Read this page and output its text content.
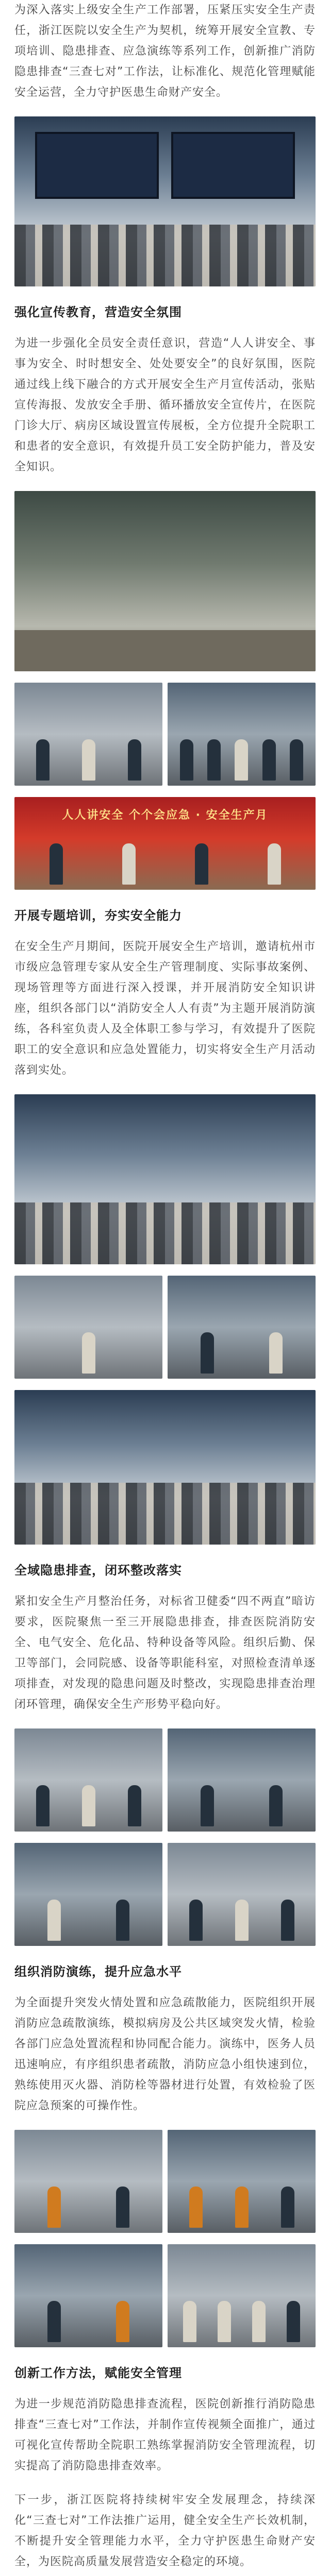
为深入落实上级安全生产工作部署，压紧压实安全生产责任，浙江医院以安全生产为契机，统筹开展安全宣教、专项培训、隐患排查、应急演练等系列工作，创新推广消防隐患排查“三查七对”工作法，让标准化、规范化管理赋能安全运营，全力守护医患生命财产安全。

强化宣传教育，营造安全氛围

为进一步强化全员安全责任意识，营造“人人讲安全、事事为安全、时时想安全、处处要安全”的良好氛围，医院通过线上线下融合的方式开展安全生产月宣传活动，张贴宣传海报、发放安全手册、循环播放安全宣传片，在医院门诊大厅、病房区域设置宣传展板，全方位提升全院职工和患者的安全意识，有效提升员工安全防护能力，普及安全知识。

人人讲安全 个个会应急 · 安全生产月
开展专题培训，夯实安全能力

在安全生产月期间，医院开展安全生产培训，邀请杭州市市级应急管理专家从安全生产管理制度、实际事故案例、现场管理等方面进行深入授课，并开展消防安全知识讲座，组织各部门以“消防安全人人有责”为主题开展消防演练，各科室负责人及全体职工参与学习，有效提升了医院职工的安全意识和应急处置能力，切实将安全生产月活动落到实处。

全域隐患排查，闭环整改落实

紧扣安全生产月整治任务，对标省卫健委“四不两直”暗访要求，医院聚焦一至三开展隐患排查，排查医院消防安全、电气安全、危化品、特种设备等风险。组织后勤、保卫等部门，会同院感、设备等职能科室，对照检查清单逐项排查，对发现的隐患问题及时整改，实现隐患排查治理闭环管理，确保安全生产形势平稳向好。

组织消防演练，提升应急水平

为全面提升突发火情处置和应急疏散能力，医院组织开展消防应急疏散演练，模拟病房及公共区域突发火情，检验各部门应急处置流程和协同配合能力。演练中，医务人员迅速响应，有序组织患者疏散，消防应急小组快速到位，熟练使用灭火器、消防栓等器材进行处置，有效检验了医院应急预案的可操作性。

创新工作方法，赋能安全管理

为进一步规范消防隐患排查流程，医院创新推行消防隐患排查“三查七对”工作法，并制作宣传视频全面推广，通过可视化宣传帮助全院职工熟练掌握消防安全管理流程，切实提高了消防隐患排查效率。

下一步，浙江医院将持续树牢安全发展理念，持续深化“三查七对”工作法推广运用，健全安全生产长效机制，不断提升安全管理能力水平，全力守护医患生命财产安全，为医院高质量发展营造安全稳定的环境。
